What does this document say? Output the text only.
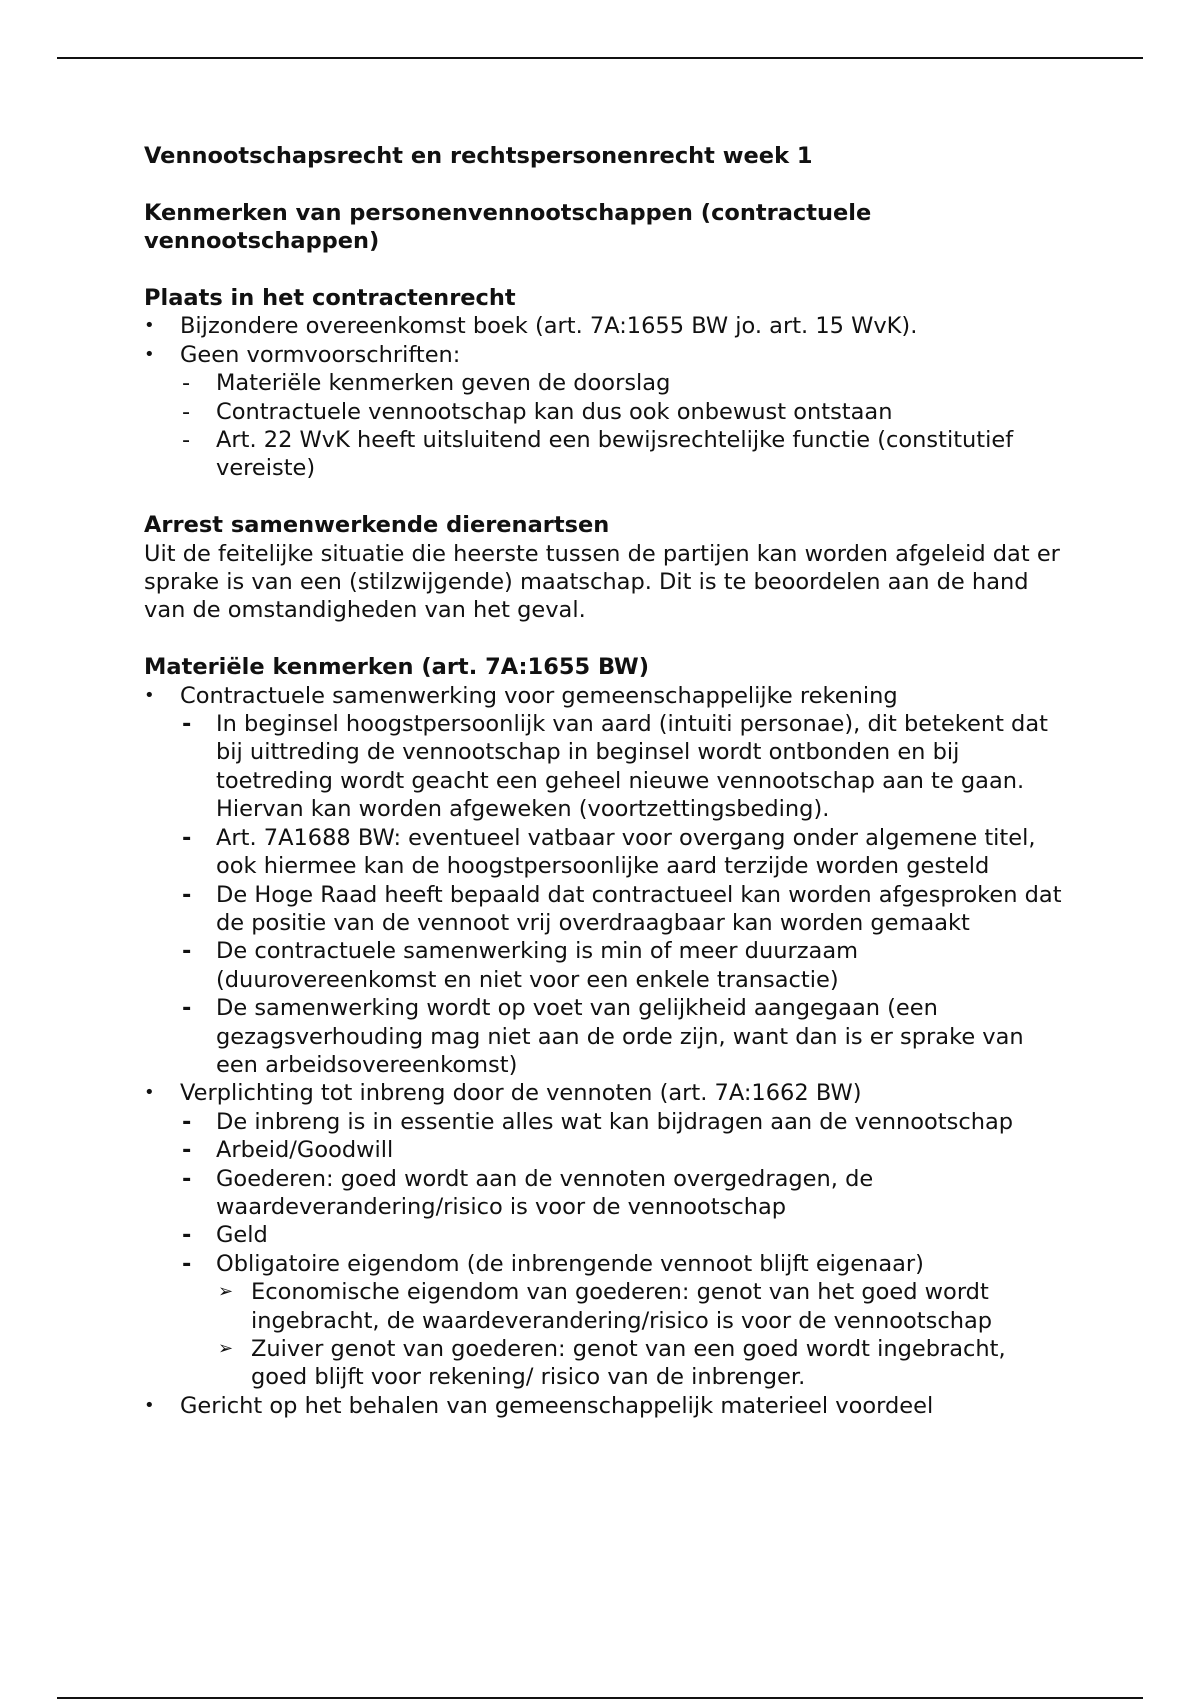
Vennootschapsrecht en rechtspersonenrecht week 1

Kenmerken van personenvennootschappen (contractuele vennootschappen)

Plaats in het contractenrecht

• Bijzondere overeenkomst boek (art. 7A:1655 BW jo. art. 15 WvK).
• Geen vormvoorschriften:
- Materiële kenmerken geven de doorslag
- Contractuele vennootschap kan dus ook onbewust ontstaan
- Art. 22 WvK heeft uitsluitend een bewijsrechtelijke functie (constitutief vereiste)

Arrest samenwerkende dierenartsen

Uit de feitelijke situatie die heerste tussen de partijen kan worden afgeleid dat er sprake is van een (stilzwijgende) maatschap. Dit is te beoordelen aan de hand van de omstandigheden van het geval.

Materiële kenmerken (art. 7A:1655 BW)

• Contractuele samenwerking voor gemeenschappelijke rekening
- In beginsel hoogstpersoonlijk van aard (intuiti personae), dit betekent dat bij uittreding de vennootschap in beginsel wordt ontbonden en bij toetreding wordt geacht een geheel nieuwe vennootschap aan te gaan. Hiervan kan worden afgeweken (voortzettingsbeding).
- Art. 7A1688 BW: eventueel vatbaar voor overgang onder algemene titel, ook hiermee kan de hoogstpersoonlijke aard terzijde worden gesteld
- De Hoge Raad heeft bepaald dat contractueel kan worden afgesproken dat de positie van de vennoot vrij overdraagbaar kan worden gemaakt
- De contractuele samenwerking is min of meer duurzaam (duurovereenkomst en niet voor een enkele transactie)
- De samenwerking wordt op voet van gelijkheid aangegaan (een gezagsverhouding mag niet aan de orde zijn, want dan is er sprake van een arbeidsovereenkomst)
• Verplichting tot inbreng door de vennoten (art. 7A:1662 BW)
- De inbreng is in essentie alles wat kan bijdragen aan de vennootschap
- Arbeid/Goodwill
- Goederen: goed wordt aan de vennoten overgedragen, de waardeverandering/risico is voor de vennootschap
- Geld
- Obligatoire eigendom (de inbrengende vennoot blijft eigenaar)
➢ Economische eigendom van goederen: genot van het goed wordt ingebracht, de waardeverandering/risico is voor de vennootschap
➢ Zuiver genot van goederen: genot van een goed wordt ingebracht, goed blijft voor rekening/ risico van de inbrenger.
• Gericht op het behalen van gemeenschappelijk materieel voordeel
